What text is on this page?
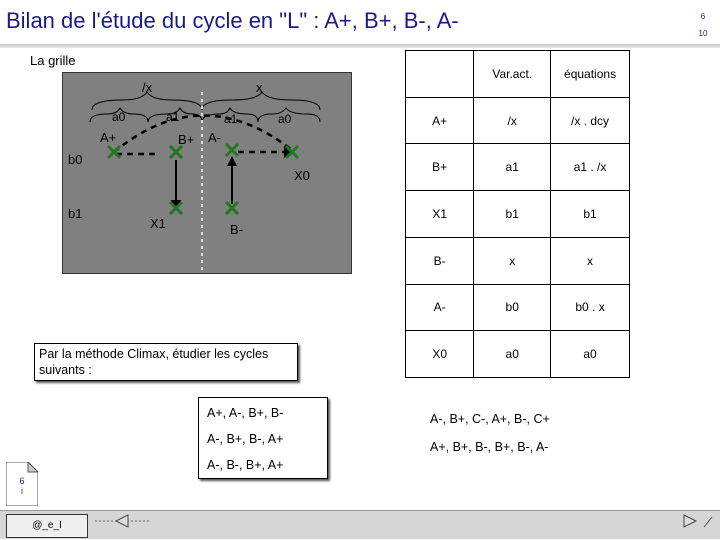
Bilan de l'étude du cycle en "L" : A+, B+, B-, A-	6
10
La grille
/x	x
a0	a1	a1	a0
b0
b1
A+	B+ A-
X0
X1	B-
	Var.act.	équations
A+	/x	/x . dcy
B+	a1	a1 . /x
X1	b1	b1
B-	x	x
A-	b0	b0 . x
X0	a0	a0
Par la méthode Climax, étudier les cycles suivants :
A+, A-, B+, B-
A-, B+, B-, A+
A-, B-, B+, A+
A-, B+, C-, A+, B-, C+
A+, B+, B-, B+, B-, A-
6
i
@_e_I
